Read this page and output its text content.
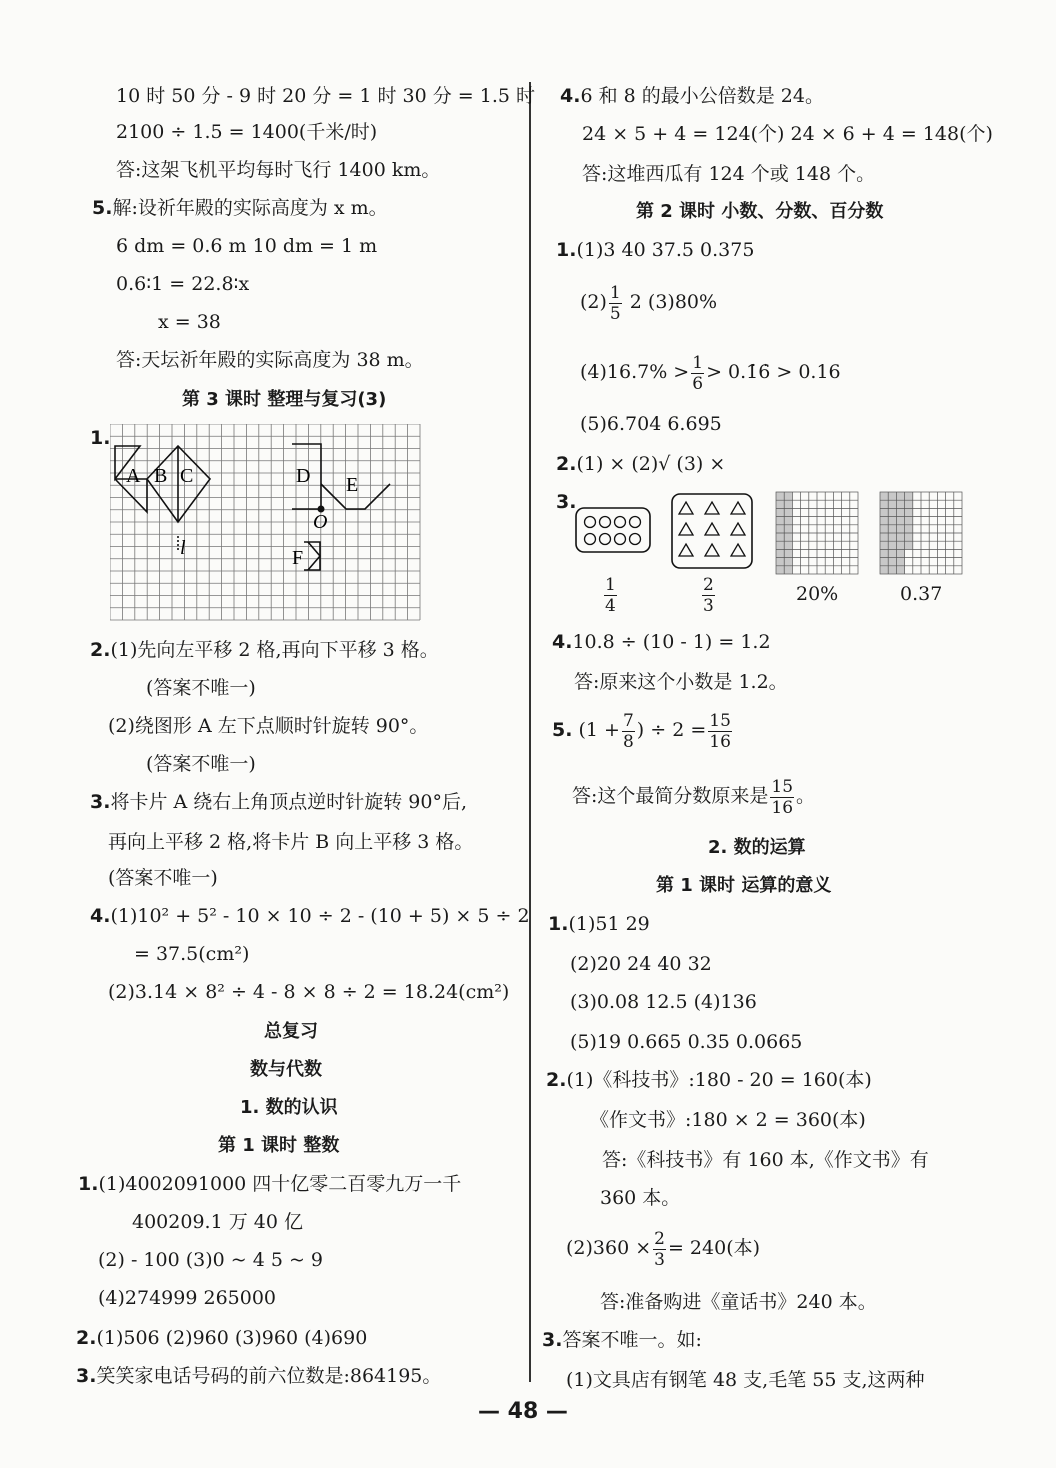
10 时 50 分 - 9 时 20 分 = 1 时 30 分 = 1.5 时
2100 ÷ 1.5 = 1400(千米/时)
答:这架飞机平均每时飞行 1400 km。
5.解:设祈年殿的实际高度为 x m。
6 dm = 0.6 m 10 dm = 1 m
0.6∶1 = 22.8∶x
x = 38
答:天坛祈年殿的实际高度为 38 m。
第 3 课时 整理与复习(3)
1.
A B C	D E
F
O
l
2.(1)先向左平移 2 格,再向下平移 3 格。
(答案不唯一)
(2)绕图形 A 左下点顺时针旋转 90°。
(答案不唯一)
3.将卡片 A 绕右上角顶点逆时针旋转 90°后,
再向上平移 2 格,将卡片 B 向上平移 3 格。
(答案不唯一)
4.(1)10² + 5² - 10 × 10 ÷ 2 - (10 + 5) × 5 ÷ 2
= 37.5(cm²)
(2)3.14 × 8² ÷ 4 - 8 × 8 ÷ 2 = 18.24(cm²)
总复习
数与代数
1. 数的认识
第 1 课时 整数
1.(1)4002091000 四十亿零二百零九万一千
400209.1 万 40 亿
(2) - 100 (3)0 ~ 4 5 ~ 9
(4)274999 265000
2.(1)506 (2)960 (3)960 (4)690
3.笑笑家电话号码的前六位数是:864195。
4.6 和 8 的最小公倍数是 24。
24 × 5 + 4 = 124(个) 24 × 6 + 4 = 148(个)
答:这堆西瓜有 124 个或 148 个。
第 2 课时 小数、分数、百分数
1.(1)3 40 37.5 0.375
$(2) \frac{1}{5} 2$ (3)80%
$(4)16.7\% > \frac{1}{6}$ > 0.1̇6̇ > 0.16
(5)6.704 6.695
2.(1) × (2)√ (3) ×
3.
$\frac{1}{4}$	$\frac{2}{3}$	20%	0.37
4.10.8 ÷ (10 - 1) = 1.2
答:原来这个小数是 1.2。
5. ($1 + \frac{7}{8}$ ) ÷ $2 = \frac{15}{16}$
答:这个最简分数原来是 $\frac{15}{16}$ 。
2. 数的运算
第 1 课时 运算的意义
1.(1)51 29
(2)20 24 40 32
(3)0.08 12.5 (4)136
(5)19 0.665 0.35 0.0665
2.(1)《科技书》:180 - 20 = 160(本)
《作文书》:180 × 2 = 360(本)
答:《科技书》有 160 本,《作文书》有
360 本。
$(2)360 \times \frac{2}{3} = 240$(本)
答:准备购进《童话书》240 本。
3.答案不唯一。如:
(1)文具店有钢笔 48 支,毛笔 55 支,这两种
— 48 —
